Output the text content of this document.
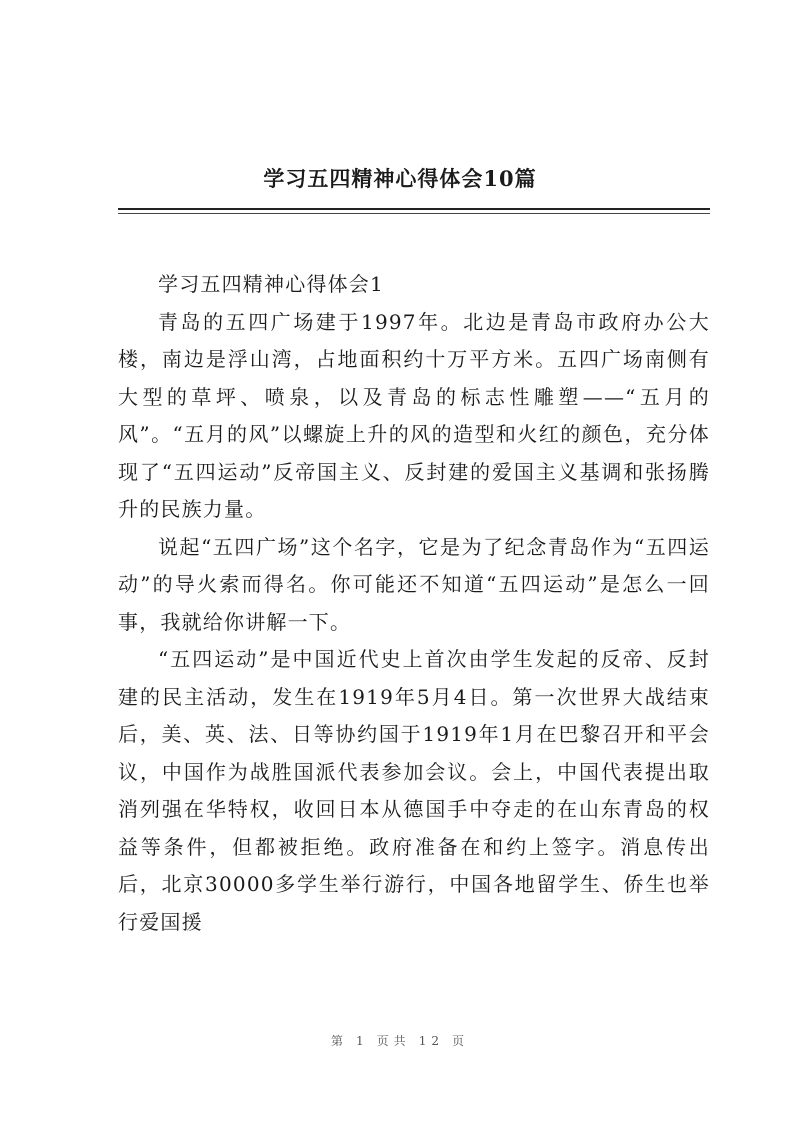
学习五四精神心得体会10篇

学习五四精神心得体会1

青岛的五四广场建于1997年。北边是青岛市政府办公大楼，南边是浮山湾，占地面积约十万平方米。五四广场南侧有大型的草坪、喷泉，以及青岛的标志性雕塑——“五月的风”。“五月的风”以螺旋上升的风的造型和火红的颜色，充分体现了“五四运动”反帝国主义、反封建的爱国主义基调和张扬腾升的民族力量。

说起“五四广场”这个名字，它是为了纪念青岛作为“五四运动”的导火索而得名。你可能还不知道“五四运动”是怎么一回事，我就给你讲解一下。

“五四运动”是中国近代史上首次由学生发起的反帝、反封建的民主活动，发生在1919年5月4日。第一次世界大战结束后，美、英、法、日等协约国于1919年1月在巴黎召开和平会议，中国作为战胜国派代表参加会议。会上，中国代表提出取消列强在华特权，收回日本从德国手中夺走的在山东青岛的权益等条件，但都被拒绝。政府准备在和约上签字。消息传出后，北京30000多学生举行游行，中国各地留学生、侨生也举行爱国援

第 1 页共 12 页
